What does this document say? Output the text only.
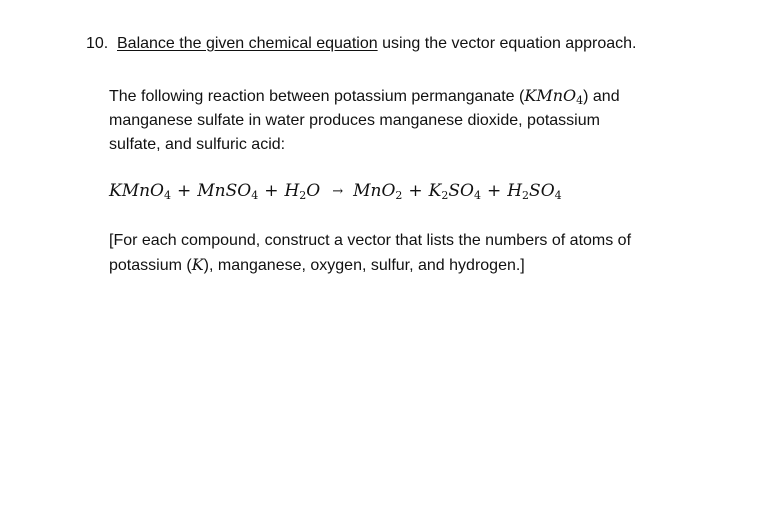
10. Balance the given chemical equation using the vector equation approach.
The following reaction between potassium permanganate (KMnO$_4$) and
manganese sulfate in water produces manganese dioxide, potassium
sulfate, and sulfuric acid:
KMnO$_4$ + MnSO$_4$ + $H_2O \to MnO_2 + K_2SO_4 + H_2SO_4$
[For each compound, construct a vector that lists the numbers of atoms of
potassium (K), manganese, oxygen, sulfur, and hydrogen.]
